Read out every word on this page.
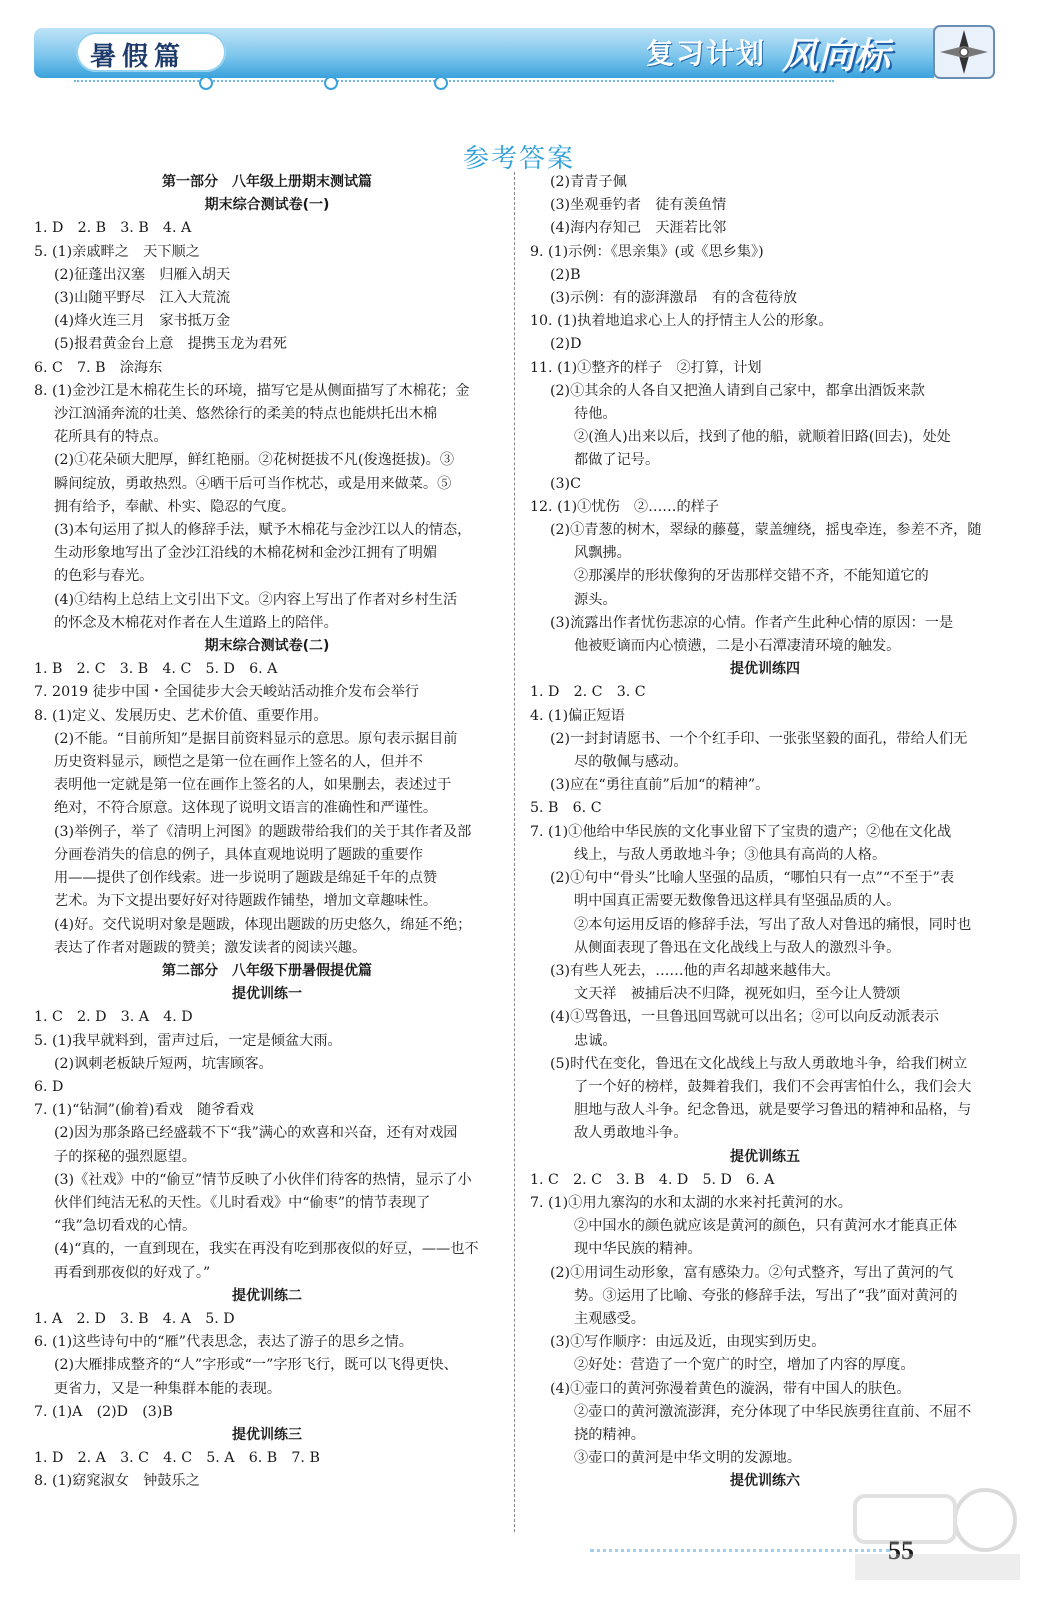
暑假篇	复习计划 风向标
参考答案
第一部分　八年级上册期末测试篇
期末综合测试卷(一)
1. D　2. B　3. B　4. A
5. (1)亲戚畔之　天下顺之
(2)征蓬出汉塞　归雁入胡天
(3)山随平野尽　江入大荒流
(4)烽火连三月　家书抵万金
(5)报君黄金台上意　提携玉龙为君死
6. C　7. B　涂海东
8. (1)金沙江是木棉花生长的环境，描写它是从侧面描写了木棉花；金
沙江汹涌奔流的壮美、悠然徐行的柔美的特点也能烘托出木棉
花所具有的特点。
(2)①花朵硕大肥厚，鲜红艳丽。②花树挺拔不凡(俊逸挺拔)。③
瞬间绽放，勇敢热烈。④晒干后可当作枕芯，或是用来做菜。⑤
拥有给予，奉献、朴实、隐忍的气度。
(3)本句运用了拟人的修辞手法，赋予木棉花与金沙江以人的情态，
生动形象地写出了金沙江沿线的木棉花树和金沙江拥有了明媚
的色彩与春光。
(4)①结构上总结上文引出下文。②内容上写出了作者对乡村生活
的怀念及木棉花对作者在人生道路上的陪伴。
期末综合测试卷(二)
1. B　2. C　3. B　4. C　5. D　6. A
7. 2019 徒步中国・全国徒步大会天峻站活动推介发布会举行
8. (1)定义、发展历史、艺术价值、重要作用。
(2)不能。“目前所知”是据目前资料显示的意思。原句表示据目前
历史资料显示，顾恺之是第一位在画作上签名的人，但并不
表明他一定就是第一位在画作上签名的人，如果删去，表述过于
绝对，不符合原意。这体现了说明文语言的准确性和严谨性。
(3)举例子，举了《清明上河图》的题跋带给我们的关于其作者及部
分画卷消失的信息的例子，具体直观地说明了题跋的重要作
用——提供了创作线索。进一步说明了题跋是绵延千年的点赞
艺术。为下文提出要好好对待题跋作铺垫，增加文章趣味性。
(4)好。交代说明对象是题跋，体现出题跋的历史悠久，绵延不绝；
表达了作者对题跋的赞美；激发读者的阅读兴趣。
第二部分　八年级下册暑假提优篇
提优训练一
1. C　2. D　3. A　4. D
5. (1)我早就料到，雷声过后，一定是倾盆大雨。
(2)讽刺老板缺斤短两，坑害顾客。
6. D
7. (1)“钻洞”(偷着)看戏　随爷看戏
(2)因为那条路已经盛载不下“我”满心的欢喜和兴奋，还有对戏园
子的探秘的强烈愿望。
(3)《社戏》中的“偷豆”情节反映了小伙伴们待客的热情，显示了小
伙伴们纯洁无私的天性。《儿时看戏》中“偷枣”的情节表现了
“我”急切看戏的心情。
(4)“真的，一直到现在，我实在再没有吃到那夜似的好豆，——也不
再看到那夜似的好戏了。”
提优训练二
1. A　2. D　3. B　4. A　5. D
6. (1)这些诗句中的“雁”代表思念，表达了游子的思乡之情。
(2)大雁排成整齐的“人”字形或“一”字形飞行，既可以飞得更快、
更省力，又是一种集群本能的表现。
7. (1)A　(2)D　(3)B
提优训练三
1. D　2. A　3. C　4. C　5. A　6. B　7. B
8. (1)窈窕淑女　钟鼓乐之
(2)青青子佩
(3)坐观垂钓者　徒有羡鱼情
(4)海内存知己　天涯若比邻
9. (1)示例：《思亲集》(或《思乡集》)
(2)B
(3)示例：有的澎湃激昂　有的含苞待放
10. (1)执着地追求心上人的抒情主人公的形象。
(2)D
11. (1)①整齐的样子　②打算，计划
(2)①其余的人各自又把渔人请到自己家中，都拿出酒饭来款
待他。
②(渔人)出来以后，找到了他的船，就顺着旧路(回去)，处处
都做了记号。
(3)C
12. (1)①忧伤　②……的样子
(2)①青葱的树木，翠绿的藤蔓，蒙盖缠绕，摇曳牵连，参差不齐，随
风飘拂。
②那溪岸的形状像狗的牙齿那样交错不齐，不能知道它的
源头。
(3)流露出作者忧伤悲凉的心情。作者产生此种心情的原因：一是
他被贬谪而内心愤懑，二是小石潭凄清环境的触发。
提优训练四
1. D　2. C　3. C
4. (1)偏正短语
(2)一封封请愿书、一个个红手印、一张张坚毅的面孔，带给人们无
尽的敬佩与感动。
(3)应在“勇往直前”后加“的精神”。
5. B　6. C
7. (1)①他给中华民族的文化事业留下了宝贵的遗产；②他在文化战
线上，与敌人勇敢地斗争；③他具有高尚的人格。
(2)①句中“骨头”比喻人坚强的品质，“哪怕只有一点”“不至于”表
明中国真正需要无数像鲁迅这样具有坚强品质的人。
②本句运用反语的修辞手法，写出了敌人对鲁迅的痛恨，同时也
从侧面表现了鲁迅在文化战线上与敌人的激烈斗争。
(3)有些人死去，……他的声名却越来越伟大。
文天祥　被捕后决不归降，视死如归，至今让人赞颂
(4)①骂鲁迅，一旦鲁迅回骂就可以出名；②可以向反动派表示
忠诚。
(5)时代在变化，鲁迅在文化战线上与敌人勇敢地斗争，给我们树立
了一个好的榜样，鼓舞着我们，我们不会再害怕什么，我们会大
胆地与敌人斗争。纪念鲁迅，就是要学习鲁迅的精神和品格，与
敌人勇敢地斗争。
提优训练五
1. C　2. C　3. B　4. D　5. D　6. A
7. (1)①用九寨沟的水和太湖的水来衬托黄河的水。
②中国水的颜色就应该是黄河的颜色，只有黄河水才能真正体
现中华民族的精神。
(2)①用词生动形象，富有感染力。②句式整齐，写出了黄河的气
势。③运用了比喻、夸张的修辞手法，写出了“我”面对黄河的
主观感受。
(3)①写作顺序：由远及近，由现实到历史。
②好处：营造了一个宽广的时空，增加了内容的厚度。
(4)①壶口的黄河弥漫着黄色的漩涡，带有中国人的肤色。
②壶口的黄河激流澎湃，充分体现了中华民族勇往直前、不屈不
挠的精神。
③壶口的黄河是中华文明的发源地。
提优训练六
55
